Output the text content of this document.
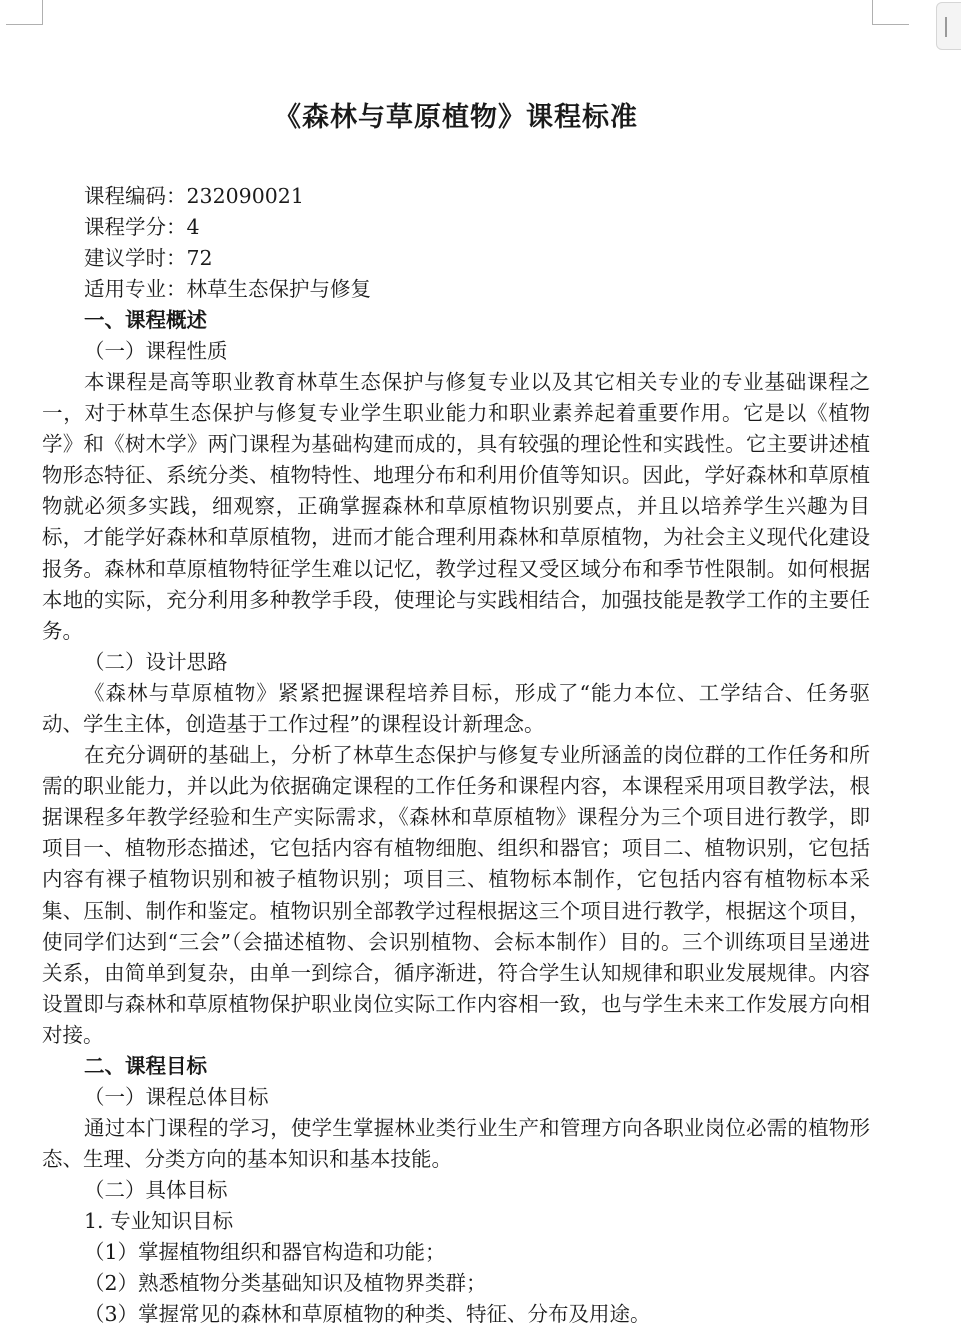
《森林与草原植物》课程标准
课程编码：232090021
课程学分：4
建议学时：72
适用专业：林草生态保护与修复
一、课程概述
（一）课程性质

本课程是高等职业教育林草生态保护与修复专业以及其它相关专业的专业基础课程之一，对于林草生态保护与修复专业学生职业能力和职业素养起着重要作用。它是以《植物学》和《树木学》两门课程为基础构建而成的，具有较强的理论性和实践性。它主要讲述植物形态特征、系统分类、植物特性、地理分布和利用价值等知识。因此，学好森林和草原植物就必须多实践，细观察，正确掌握森林和草原植物识别要点，并且以培养学生兴趣为目标，才能学好森林和草原植物，进而才能合理利用森林和草原植物，为社会主义现代化建设报务。森林和草原植物特征学生难以记忆，教学过程又受区域分布和季节性限制。如何根据本地的实际，充分利用多种教学手段，使理论与实践相结合，加强技能是教学工作的主要任务。

（二）设计思路

《森林与草原植物》紧紧把握课程培养目标，形成了“能力本位、工学结合、任务驱动、学生主体，创造基于工作过程”的课程设计新理念。

在充分调研的基础上，分析了林草生态保护与修复专业所涵盖的岗位群的工作任务和所需的职业能力，并以此为依据确定课程的工作任务和课程内容，本课程采用项目教学法，根据课程多年教学经验和生产实际需求，《森林和草原植物》课程分为三个项目进行教学，即项目一、植物形态描述，它包括内容有植物细胞、组织和器官；项目二、植物识别，它包括内容有裸子植物识别和被子植物识别；项目三、植物标本制作，它包括内容有植物标本采集、压制、制作和鉴定。植物识别全部教学过程根据这三个项目进行教学，根据这个项目，使同学们达到“三会”（会描述植物、会识别植物、会标本制作）目的。三个训练项目呈递进关系，由简单到复杂，由单一到综合，循序渐进，符合学生认知规律和职业发展规律。内容设置即与森林和草原植物保护职业岗位实际工作内容相一致，也与学生未来工作发展方向相对接。

二、课程目标
（一）课程总体目标

通过本门课程的学习，使学生掌握林业类行业生产和管理方向各职业岗位必需的植物形态、生理、分类方向的基本知识和基本技能。

（二）具体目标
1. 专业知识目标
（1）掌握植物组织和器官构造和功能；
（2）熟悉植物分类基础知识及植物界类群；
（3）掌握常见的森林和草原植物的种类、特征、分布及用途。
